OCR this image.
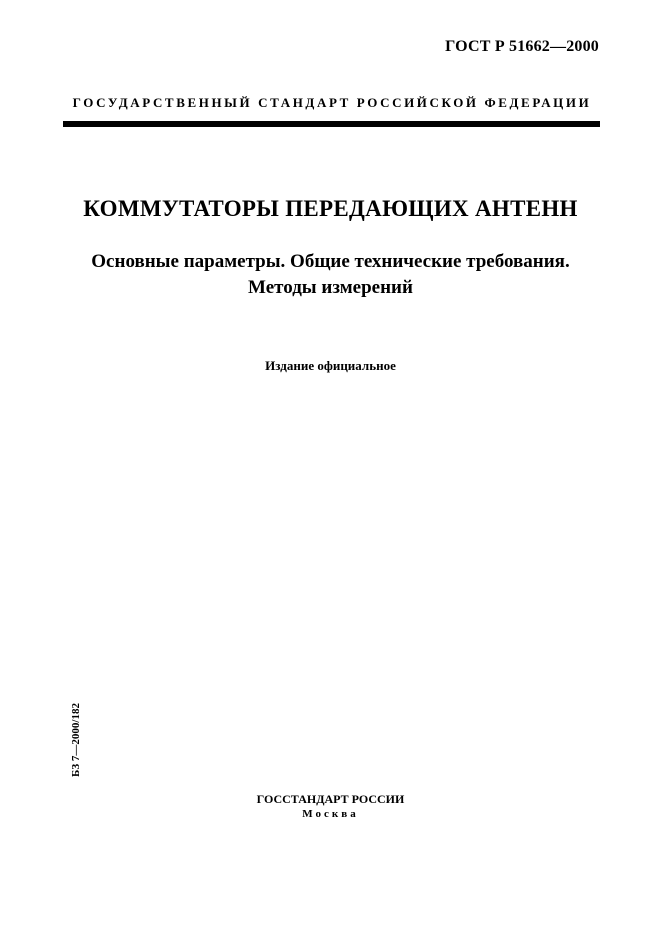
ГОСТ Р 51662—2000
ГОСУДАРСТВЕННЫЙ СТАНДАРТ РОССИЙСКОЙ ФЕДЕРАЦИИ
КОММУТАТОРЫ ПЕРЕДАЮЩИХ АНТЕНН
Основные параметры. Общие технические требования.
Методы измерений
Издание официальное
БЗ 7—2000/182
ГОССТАНДАРТ РОССИИ
Москва
